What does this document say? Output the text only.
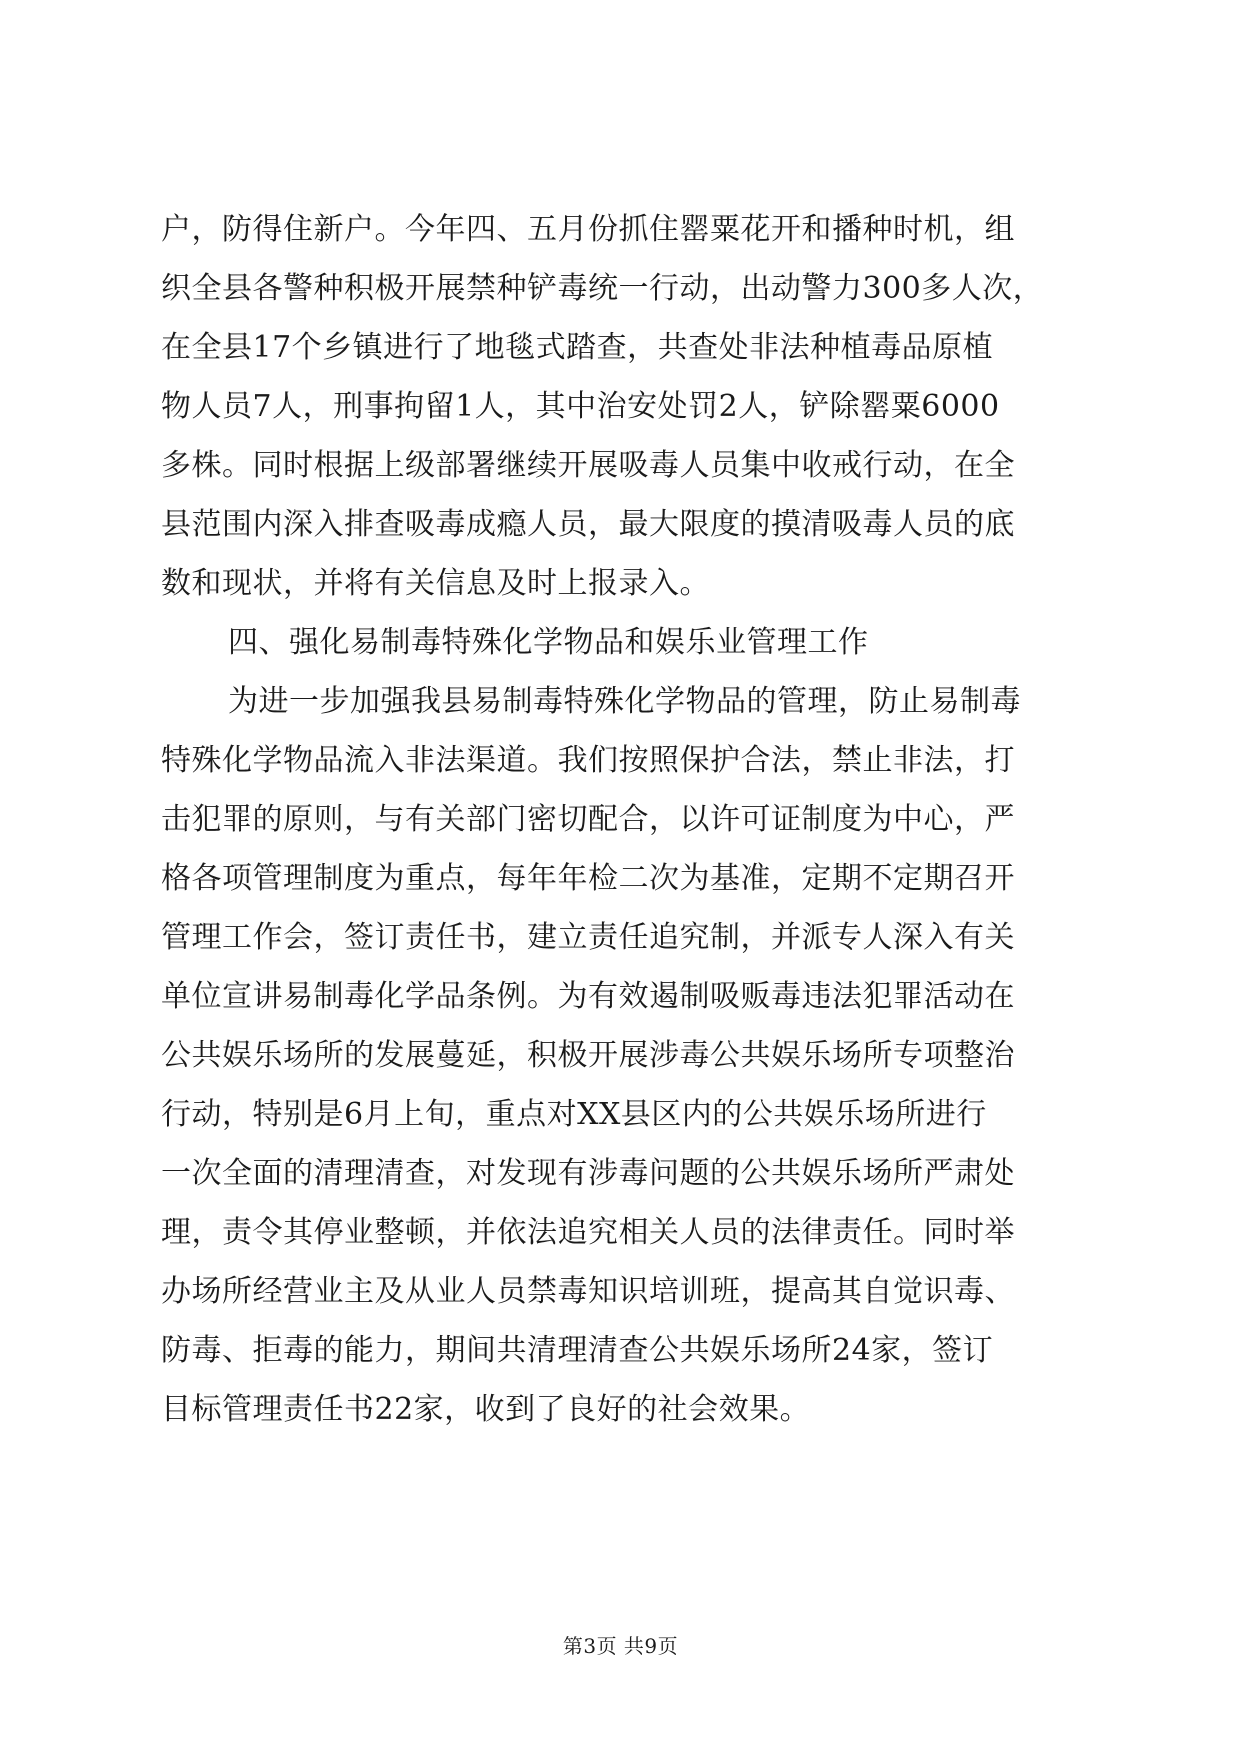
户，防得住新户。今年四、五月份抓住罂粟花开和播种时机，组
织全县各警种积极开展禁种铲毒统一行动，出动警力300多人次，
在全县17个乡镇进行了地毯式踏查，共查处非法种植毒品原植
物人员7人，刑事拘留1人，其中治安处罚2人，铲除罂粟6000
多株。同时根据上级部署继续开展吸毒人员集中收戒行动，在全
县范围内深入排查吸毒成瘾人员，最大限度的摸清吸毒人员的底
数和现状，并将有关信息及时上报录入。
四、强化易制毒特殊化学物品和娱乐业管理工作
为进一步加强我县易制毒特殊化学物品的管理，防止易制毒
特殊化学物品流入非法渠道。我们按照保护合法，禁止非法，打
击犯罪的原则，与有关部门密切配合，以许可证制度为中心，严
格各项管理制度为重点，每年年检二次为基准，定期不定期召开
管理工作会，签订责任书，建立责任追究制，并派专人深入有关
单位宣讲易制毒化学品条例。为有效遏制吸贩毒违法犯罪活动在
公共娱乐场所的发展蔓延，积极开展涉毒公共娱乐场所专项整治
行动，特别是6月上旬，重点对XX县区内的公共娱乐场所进行
一次全面的清理清查，对发现有涉毒问题的公共娱乐场所严肃处
理，责令其停业整顿，并依法追究相关人员的法律责任。同时举
办场所经营业主及从业人员禁毒知识培训班，提高其自觉识毒、
防毒、拒毒的能力，期间共清理清查公共娱乐场所24家，签订
目标管理责任书22家，收到了良好的社会效果。
第3页 共9页
